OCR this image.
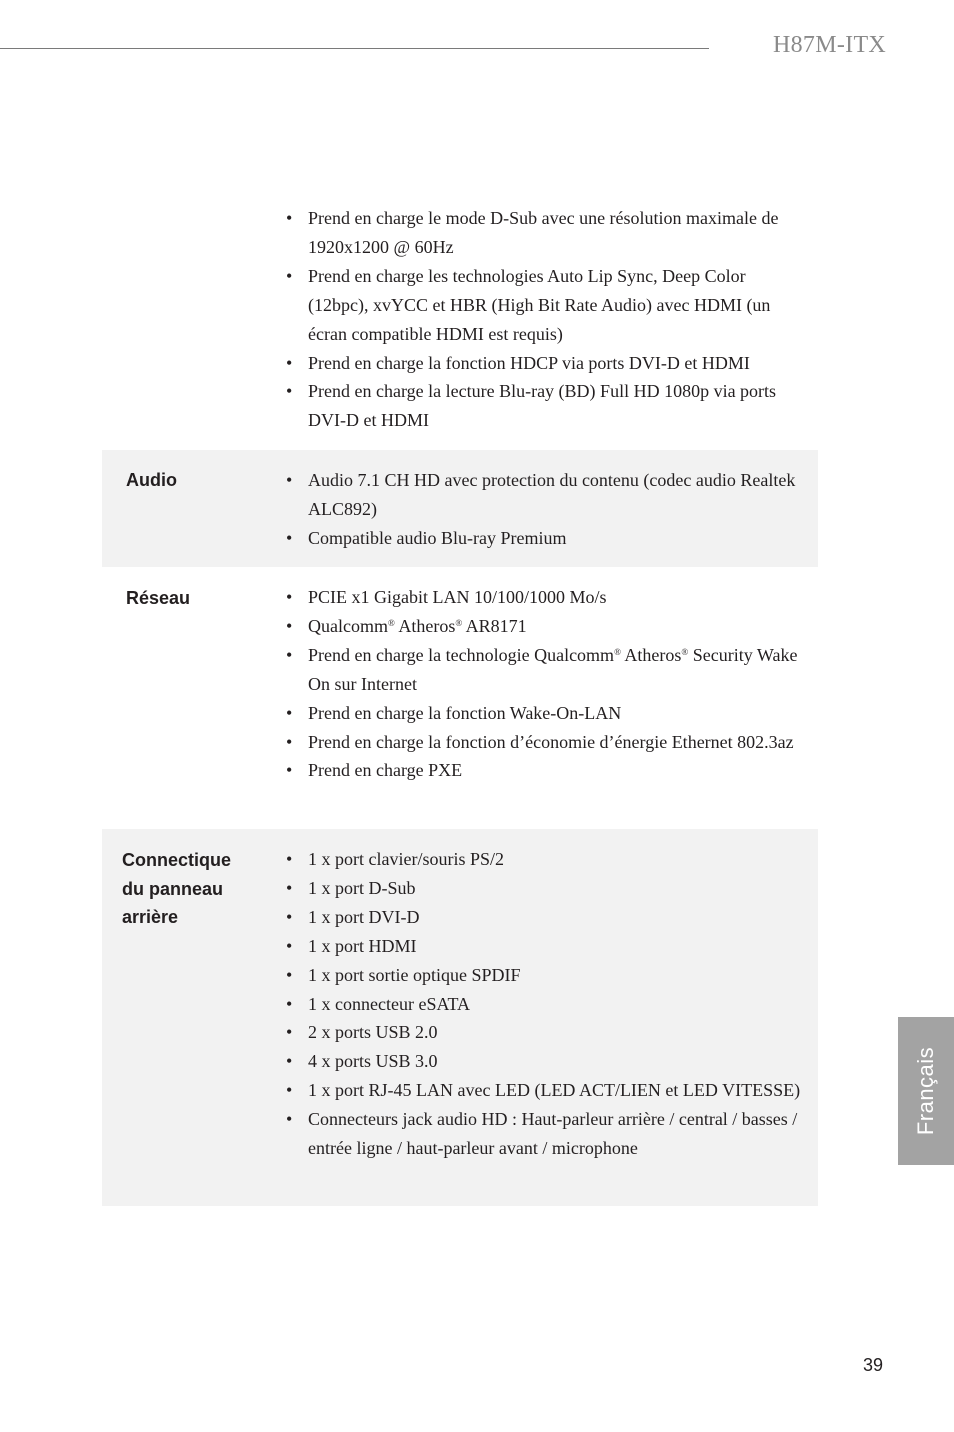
H87M-ITX
• Prend en charge le mode D-Sub avec une résolution maximale de 1920x1200 @ 60Hz
• Prend en charge les technologies Auto Lip Sync, Deep Color (12bpc), xvYCC et HBR (High Bit Rate Audio) avec HDMI (un écran compatible HDMI est requis)
• Prend en charge la fonction HDCP via ports DVI-D et HDMI
• Prend en charge la lecture Blu-ray (BD) Full HD 1080p via ports DVI-D et HDMI
Audio	• Audio 7.1 CH HD avec protection du contenu (codec audio Realtek ALC892)
• Compatible audio Blu-ray Premium
Réseau	• PCIE x1 Gigabit LAN 10/100/1000 Mo/s
• Qualcomm® Atheros® AR8171
• Prend en charge la technologie Qualcomm® Atheros® Security Wake On sur Internet
• Prend en charge la fonction Wake-On-LAN
• Prend en charge la fonction d’économie d’énergie Ethernet 802.3az
• Prend en charge PXE
Connectique
du panneau
arrière
• 1 x port clavier/souris PS/2
• 1 x port D-Sub
• 1 x port DVI-D
• 1 x port HDMI
• 1 x port sortie optique SPDIF
• 1 x connecteur eSATA
• 2 x ports USB 2.0
• 4 x ports USB 3.0
• 1 x port RJ-45 LAN avec LED (LED ACT/LIEN et LED VITESSE)
• Connecteurs jack audio HD : Haut-parleur arrière / central / basses / entrée ligne / haut-parleur avant / microphone
Français
39
